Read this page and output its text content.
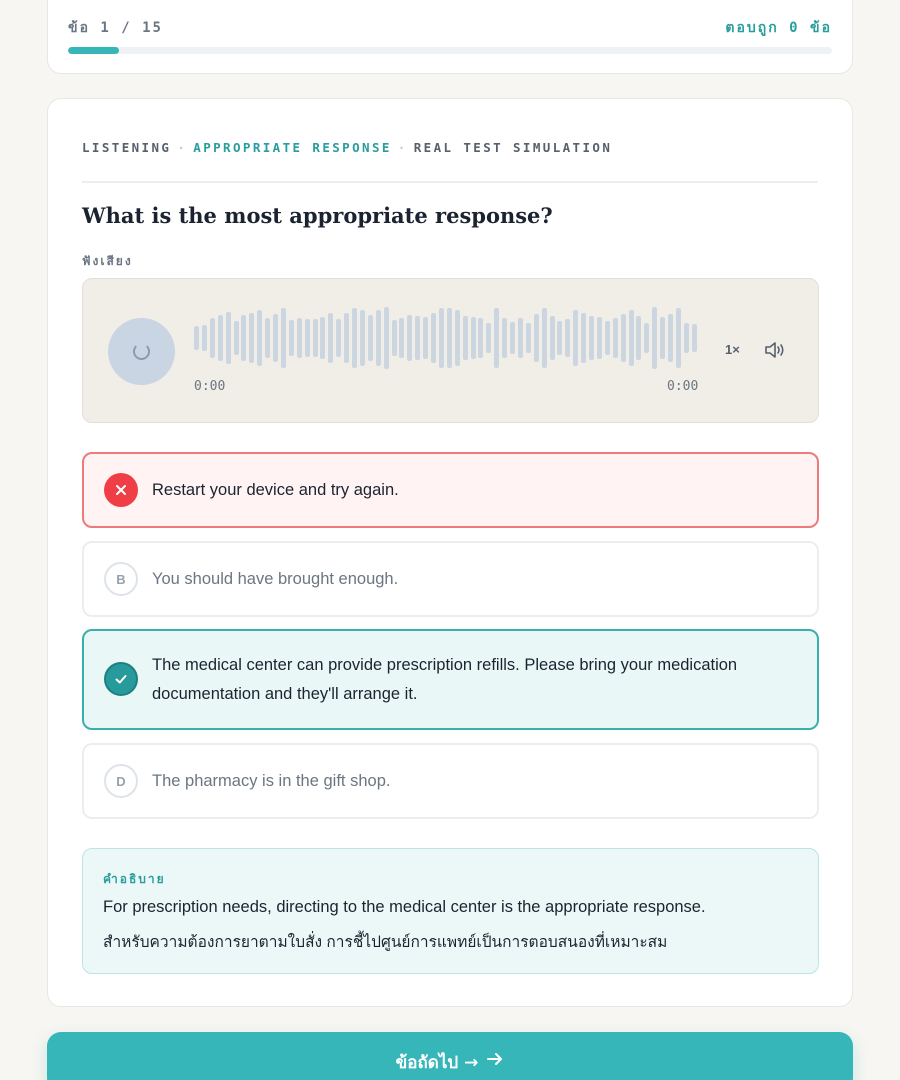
ข้อ 1 / 15	ตอบถูก 0 ข้อ
LISTENING · APPROPRIATE RESPONSE · REAL TEST SIMULATION
What is the most appropriate response?
ฟังเสียง
0:00	0:00
1×
Restart your device and try again.
B	You should have brought enough.
The medical center can provide prescription refills. Please bring your medication documentation and they'll arrange it.
D	The pharmacy is in the gift shop.
คำอธิบาย
For prescription needs, directing to the medical center is the appropriate response.
สำหรับความต้องการยาตามใบสั่ง การชี้ไปศูนย์การแพทย์เป็นการตอบสนองที่เหมาะสม
ข้อถัดไป →
